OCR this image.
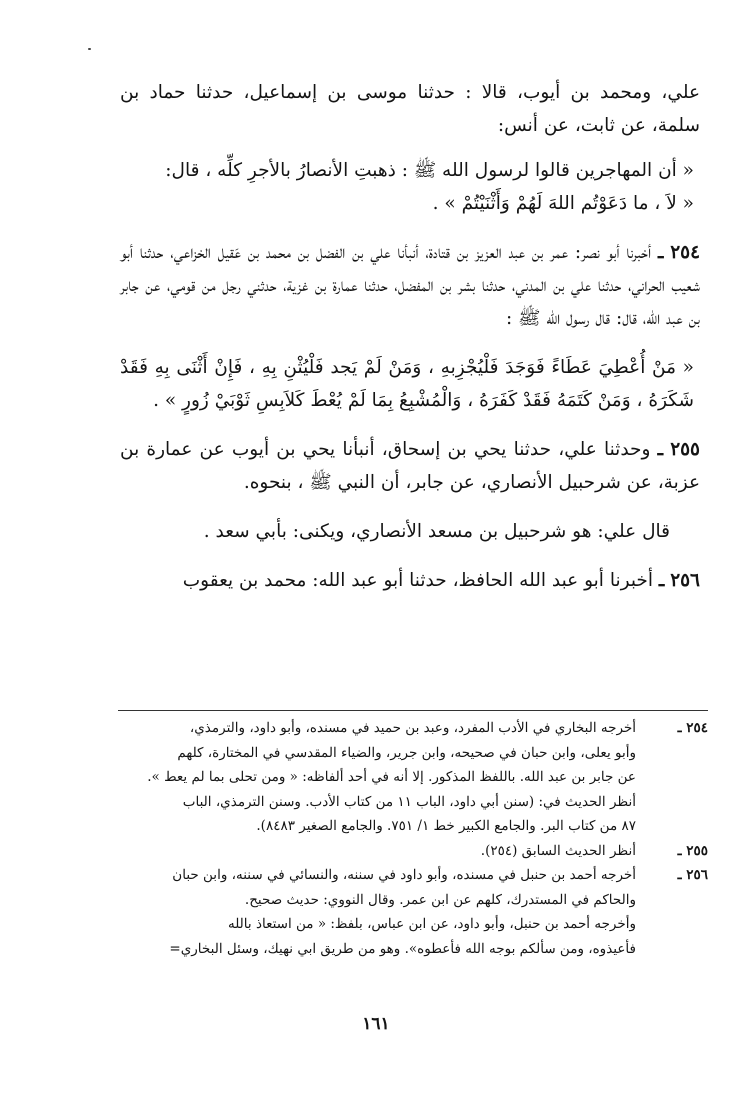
علي، ومحمد بن أيوب، قالا : حدثنا موسى بن إسماعيل، حدثنا حماد بن سلمة، عن ثابت، عن أنس:

« أن المهاجرين قالوا لرسول الله ﷺ : ذهبتِ الأنصارُ بالأجرِ كلِّه ، قال:

« لاَ ، ما دَعَوْتُم اللهَ لَهُمْ وَأَثْنَيْتُمْ » .

٢٥٤ ـ أخبرنا أبو نصر: عمر بن عبد العزيز بن قتادة، أنبأنا علي بن الفضل بن محمد بن عَقيل الخزاعي، حدثنا أبو شعيب الحراني، حدثنا علي بن المدني، حدثنا بشر بن المفضل، حدثنا عمارة بن غزية، حدثني رجل من قومي، عن جابر بن عبد الله، قال: قال رسول الله ﷺ :

« مَنْ أُعْطِيَ عَطَاءً فَوَجَدَ فَلْيُجْزِبهِ ، وَمَنْ لَمْ يَجد فَلْيُثْنِ بِهِ ، فَإِنْ أَثْنَى بِهِ فَقَدْ شَكَرَهُ ، وَمَنْ كَتَمَهُ فَقَدْ كَفَرَهُ ، وَالْمُشْبِعُ بِمَا لَمْ يُعْطَ كَلاَبِسِ ثَوْبَيْ زُورٍ » .

٢٥٥ ـ وحدثنا علي، حدثنا يحي بن إسحاق، أنبأنا يحي بن أيوب عن عمارة بن عزبة، عن شرحبيل الأنصاري، عن جابر، أن النبي ﷺ ، بنحوه.

قال علي: هو شرحبيل بن مسعد الأنصاري، ويكنى: بأبي سعد .

٢٥٦ ـ أخبرنا أبو عبد الله الحافظ، حدثنا أبو عبد الله: محمد بن يعقوب

٢٥٤ ـ
أخرجه البخاري في الأدب المفرد، وعبد بن حميد في مسنده، وأبو داود، والترمذي،
وأبو يعلى، وابن حبان في صحيحه، وابن جرير، والضياء المقدسي في المختارة، كلهم
عن جابر بن عبد الله. باللفظ المذكور. إلا أنه في أحد ألفاظه: « ومن تحلى بما لم يعط ».
أنظر الحديث في: (سنن أبي داود، الباب ١١ من كتاب الأدب. وسنن الترمذي، الباب
٨٧ من كتاب البر. والجامع الكبير خط ١/ ٧٥١. والجامع الصغير ٨٤٨٣).
٢٥٥ ـ
أنظر الحديث السابق (٢٥٤).
٢٥٦ ـ
أخرجه أحمد بن حنبل في مسنده، وأبو داود في سننه، والنسائي في سننه، وابن حبان
والحاكم في المستدرك، كلهم عن ابن عمر. وقال النووي: حديث صحيح.
وأخرجه أحمد بن حنبل، وأبو داود، عن ابن عباس، بلفظ: « من استعاذ بالله
فأعيذوه، ومن سألكم بوجه الله فأعطوه». وهو من طريق ابي نهيك، وسئل البخاري=
١٦١
